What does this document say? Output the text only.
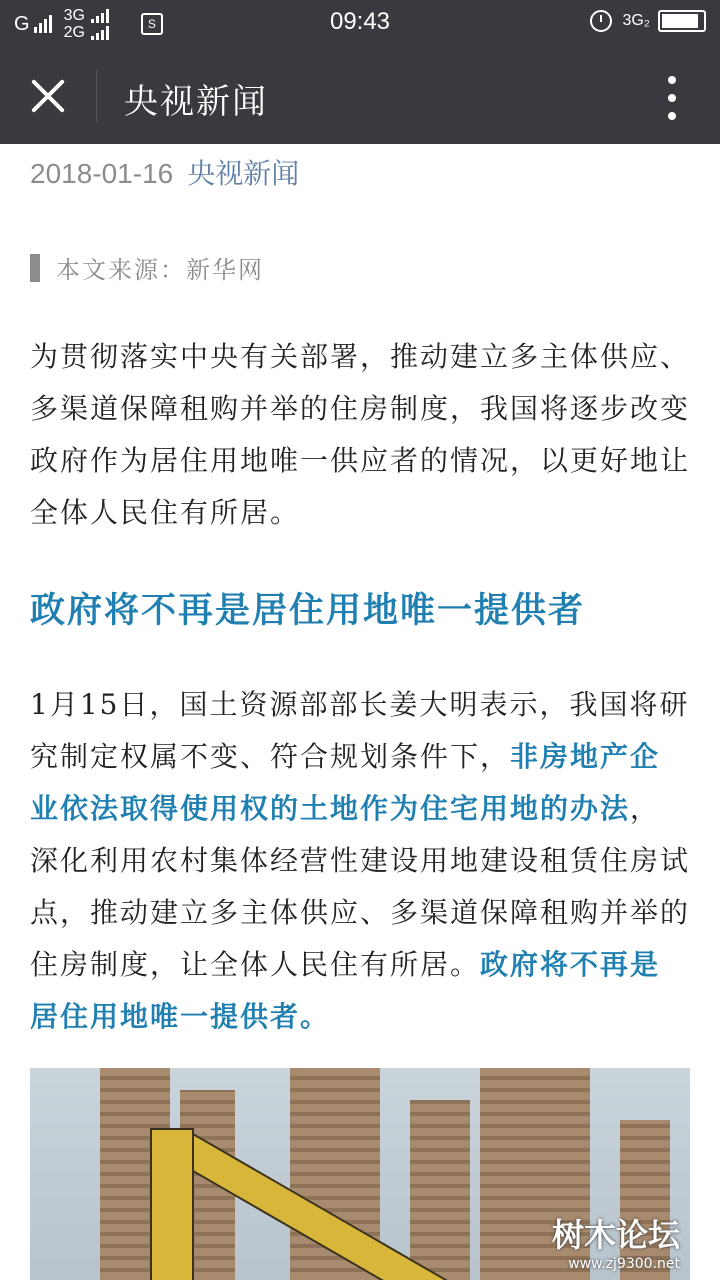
G 3G
2G	S	09:43	3G₂
央视新闻
2018-01-16 央视新闻
本文来源：新华网

为贯彻落实中央有关部署，推动建立多主体供应、多渠道保障租购并举的住房制度，我国将逐步改变政府作为居住用地唯一供应者的情况，以更好地让全体人民住有所居。

政府将不再是居住用地唯一提供者

1月15日，国土资源部部长姜大明表示，我国将研究制定权属不变、符合规划条件下，非房地产企业依法取得使用权的土地作为住宅用地的办法，深化利用农村集体经营性建设用地建设租赁住房试点，推动建立多主体供应、多渠道保障租购并举的住房制度，让全体人民住有所居。政府将不再是居住用地唯一提供者。

树木论坛
www.zj9300.net
